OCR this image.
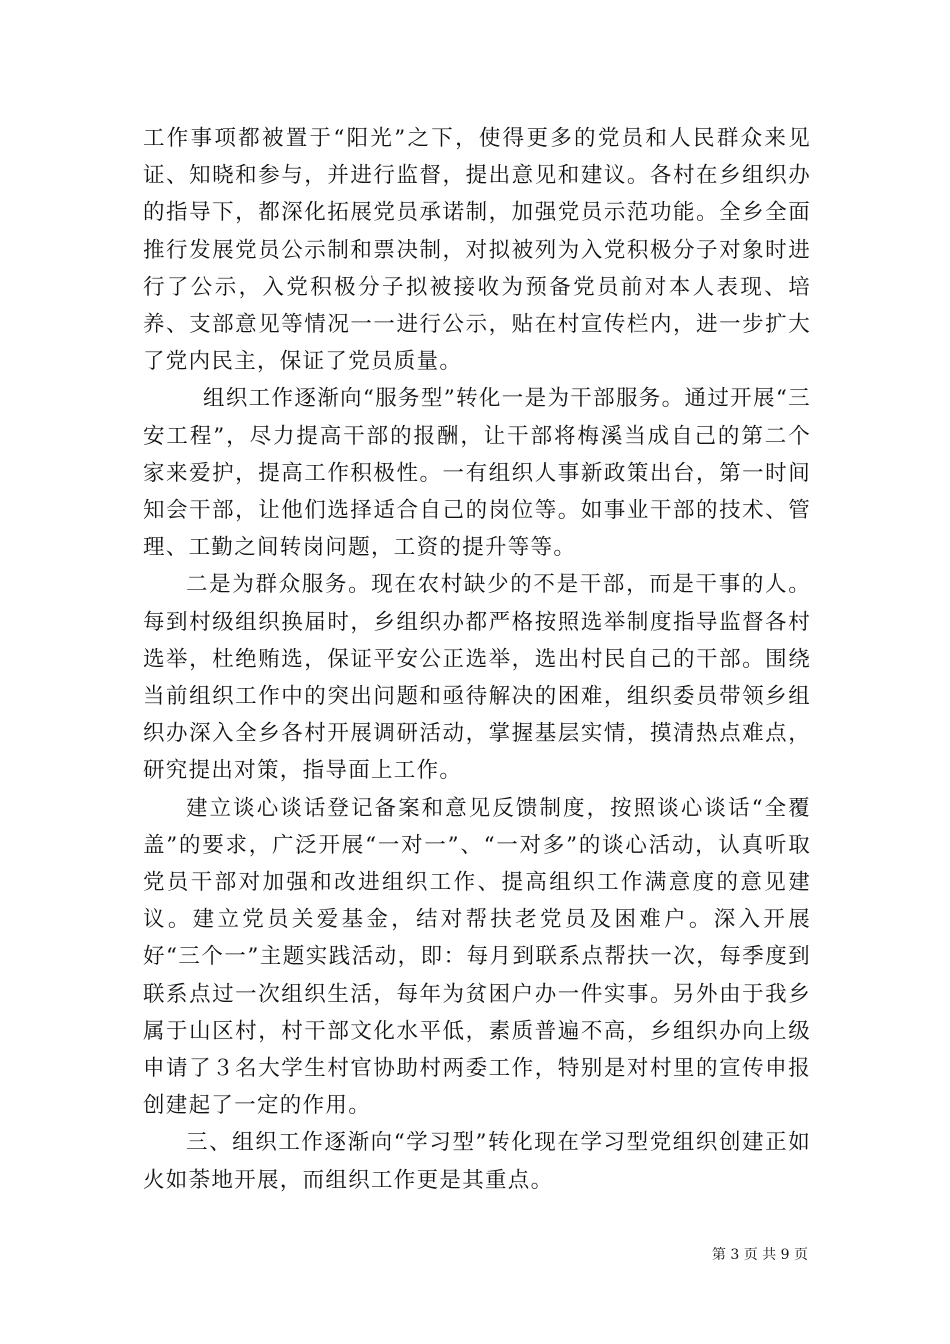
工作事项都被置于“阳光”之下，使得更多的党员和人民群众来见证、知晓和参与，并进行监督，提出意见和建议。各村在乡组织办的指导下，都深化拓展党员承诺制，加强党员示范功能。全乡全面推行发展党员公示制和票决制，对拟被列为入党积极分子对象时进行了公示，入党积极分子拟被接收为预备党员前对本人表现、培养、支部意见等情况一一进行公示，贴在村宣传栏内，进一步扩大了党内民主，保证了党员质量。

组织工作逐渐向“服务型”转化一是为干部服务。通过开展“三安工程”，尽力提高干部的报酬，让干部将梅溪当成自己的第二个家来爱护，提高工作积极性。一有组织人事新政策出台，第一时间知会干部，让他们选择适合自己的岗位等。如事业干部的技术、管理、工勤之间转岗问题，工资的提升等等。

二是为群众服务。现在农村缺少的不是干部，而是干事的人。每到村级组织换届时，乡组织办都严格按照选举制度指导监督各村选举，杜绝贿选，保证平安公正选举，选出村民自己的干部。围绕当前组织工作中的突出问题和亟待解决的困难，组织委员带领乡组织办深入全乡各村开展调研活动，掌握基层实情，摸清热点难点，研究提出对策，指导面上工作。

建立谈心谈话登记备案和意见反馈制度，按照谈心谈话“全覆盖”的要求，广泛开展“一对一”、“一对多”的谈心活动，认真听取党员干部对加强和改进组织工作、提高组织工作满意度的意见建议。建立党员关爱基金，结对帮扶老党员及困难户。深入开展好“三个一”主题实践活动，即：每月到联系点帮扶一次，每季度到联系点过一次组织生活，每年为贫困户办一件实事。另外由于我乡属于山区村，村干部文化水平低，素质普遍不高，乡组织办向上级申请了３名大学生村官协助村两委工作，特别是对村里的宣传申报创建起了一定的作用。

三、组织工作逐渐向“学习型”转化现在学习型党组织创建正如火如荼地开展，而组织工作更是其重点。

第 3 页 共 9 页
